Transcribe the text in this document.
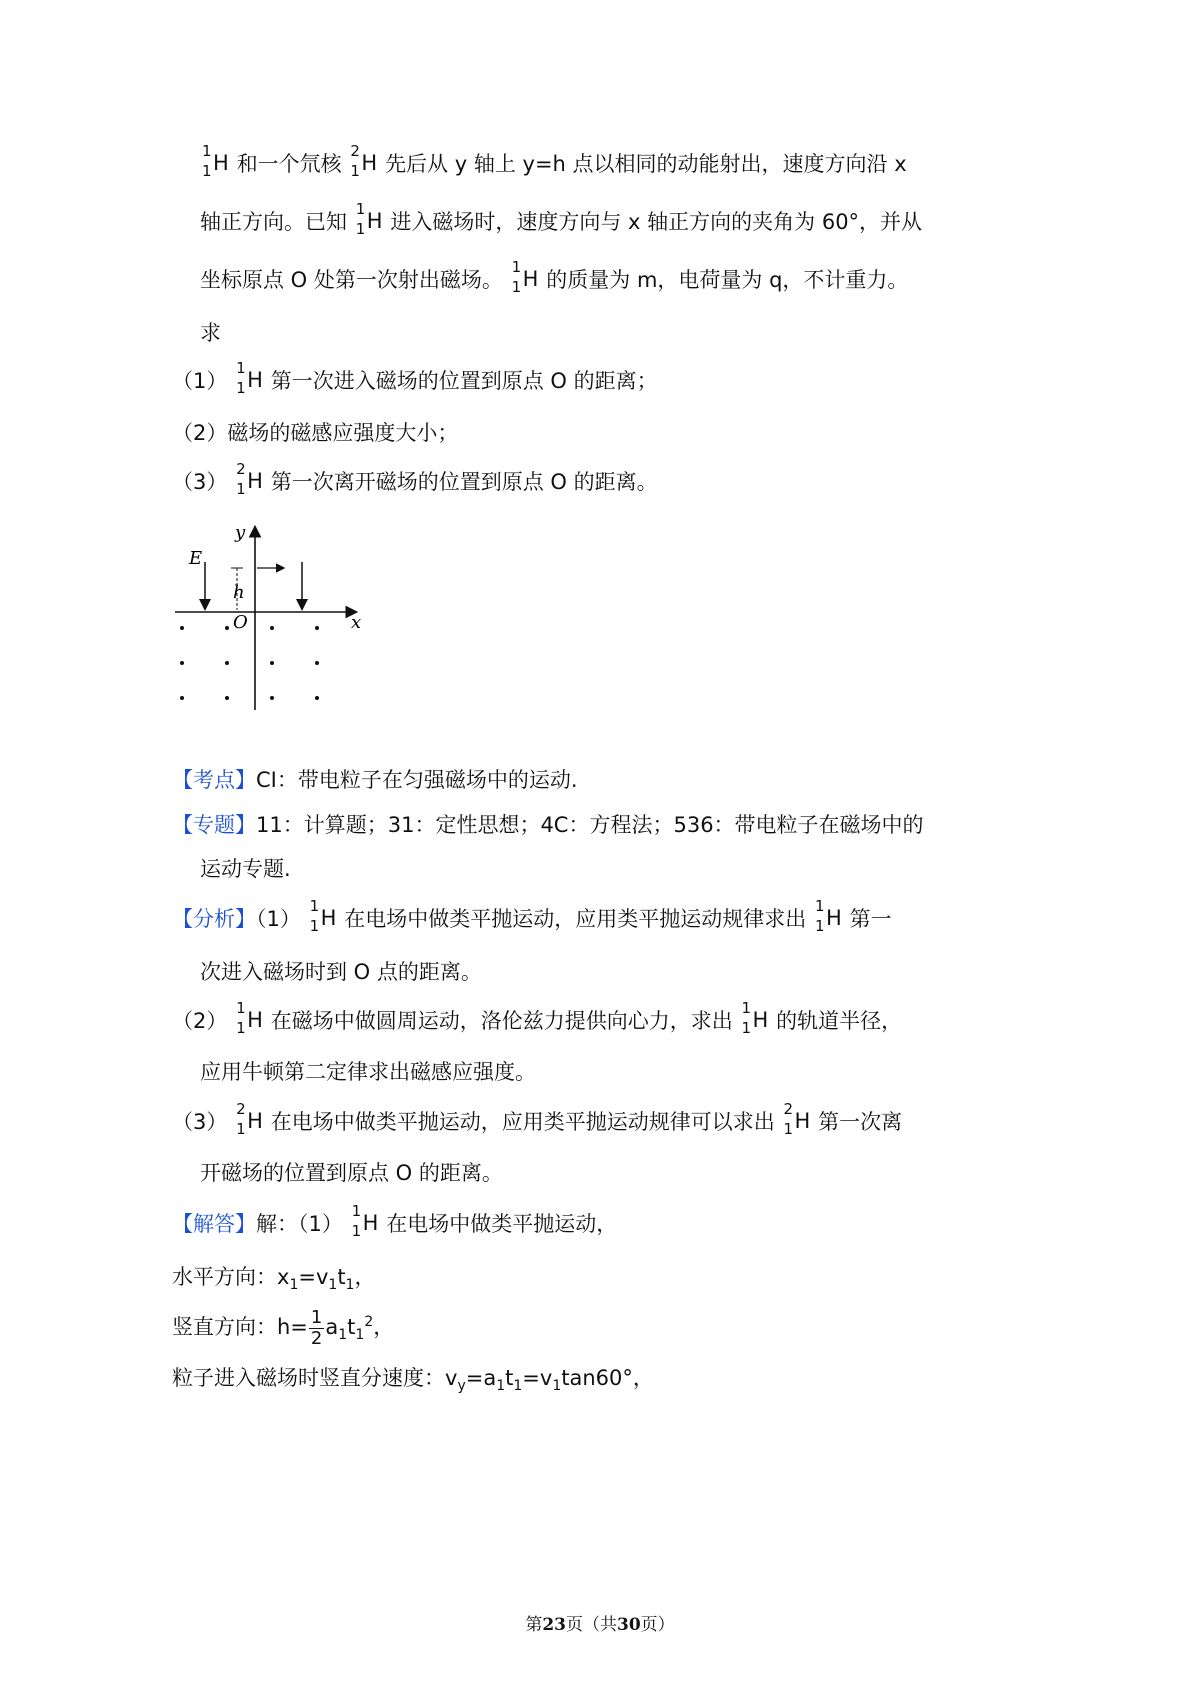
1
1 H 和一个氘核
2
1 H 先后从 y 轴上 y=h 点以相同的动能射出，速度方向沿 x
轴正方向。已知
1
1 H 进入磁场时，速度方向与 x 轴正方向的夹角为 60°，并从
坐标原点 O 处第一次射出磁场。
1
1 H 的质量为 m，电荷量为 q，不计重力。
求
（1）
1
1 H 第一次进入磁场的位置到原点 O 的距离；
（2）磁场的磁感应强度大小；
（3）
2
1 H 第一次离开磁场的位置到原点 O 的距离。
y
x
E
h
O
【考点】CI：带电粒子在匀强磁场中的运动.
【专题】11：计算题；31：定性思想；4C：方程法；536：带电粒子在磁场中的
运动专题.
【分析】（1）
1
1 H 在电场中做类平抛运动，应用类平抛运动规律求出
1
1 H 第一
次进入磁场时到 O 点的距离。
（2）
1
1 H 在磁场中做圆周运动，洛伦兹力提供向心力，求出
1
1 H 的轨道半径，
应用牛顿第二定律求出磁感应强度。
（3）
2
1 H 在电场中做类平抛运动，应用类平抛运动规律可以求出
2
1 H 第一次离
开磁场的位置到原点 O 的距离。
【解答】解：（1）
1
1 H 在电场中做类平抛运动，
水平方向：$x_1=v_1t_1$，
竖直方向：$h= \frac{1}{2} a_1t_1^2$，
粒子进入磁场时竖直分速度：$v_y=a_1t_1=v_1\tan 60^\circ$，
第23页（共30页）
